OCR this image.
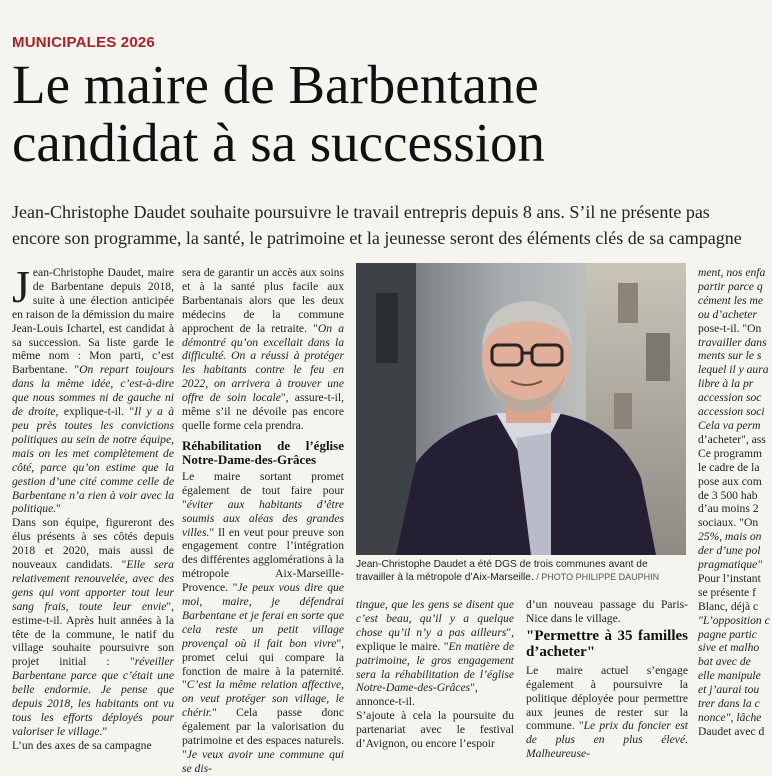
MUNICIPALES 2026
Le maire de Barbentane
candidat à sa succession
Jean-Christophe Daudet souhaite poursuivre le travail entrepris depuis 8 ans. S’il ne présente pas
encore son programme, la santé, le patrimoine et la jeunesse seront des éléments clés de sa campagne

Jean-Christophe Daudet, maire de Barbentane depuis 2018, suite à une élection anticipée en raison de la démission du maire Jean-Louis Ichartel, est candidat à sa succession. Sa liste garde le même nom : Mon parti, c’est Barbentane. "On repart toujours dans la même idée, c’est-à-dire que nous sommes ni de gauche ni de droite, explique-t-il. "Il y a à peu près toutes les convictions politiques au sein de notre équipe, mais on les met complètement de côté, parce qu’on estime que la gestion d’une cité comme celle de Barbentane n’a rien à voir avec la politique."

Dans son équipe, figureront des élus présents à ses côtés depuis 2018 et 2020, mais aussi de nouveaux candidats. "Elle sera relativement renouvelée, avec des gens qui vont apporter tout leur sang frais, toute leur envie", estime-t-il. Après huit années à la tête de la commune, le natif du village souhaite poursuivre son projet initial : "réveiller Barbentane parce que c’était une belle endormie. Je pense que depuis 2018, les habitants ont vu tous les efforts déployés pour valoriser le village."

L’un des axes de sa campagne

sera de garantir un accès aux soins et à la santé plus facile aux Barbentanais alors que les deux médecins de la commune approchent de la retraite. "On a démontré qu’on excellait dans la difficulté. On a réussi à protéger les habitants contre le feu en 2022, on arrivera à trouver une offre de soin locale", assure-t-il, même s’il ne dévoile pas encore quelle forme cela prendra.

Réhabilitation de l’église Notre-Dame-des-Grâces

Le maire sortant promet également de tout faire pour "éviter aux habitants d’être soumis aux aléas des grandes villes." Il en veut pour preuve son engagement contre l’intégration des différentes agglomérations à la métropole Aix-Marseille-Provence. "Je peux vous dire que moi, maire, je défendrai Barbentane et je ferai en sorte que cela reste un petit village provençal où il fait bon vivre", promet celui qui compare la fonction de maire à la paternité. "C’est la même relation affective, on veut protéger son village, le chérir." Cela passe donc également par la valorisation du patrimoine et des espaces naturels. "Je veux avoir une commune qui se dis-

Jean-Christophe Daudet a été DGS de trois communes avant de travailler à la métropole d’Aix-Marseille. / PHOTO PHILIPPE DAUPHIN

tingue, que les gens se disent que c’est beau, qu’il y a quelque chose qu’il n’y a pas ailleurs", explique le maire. "En matière de patrimoine, le gros engagement sera la réhabilitation de l’église Notre-Dame-des-Grâces", annonce-t-il.

S’ajoute à cela la poursuite du partenariat avec le festival d’Avignon, ou encore l’espoir

d’un nouveau passage du Paris-Nice dans le village.

"Permettre à 35 familles d’acheter"

Le maire actuel s’engage également à poursuivre la politique déployée pour permettre aux jeunes de rester sur la commune. "Le prix du foncier est de plus en plus élevé. Malheureuse-

ment, nos enfa
partir parce q
cément les me
ou d’acheter
pose-t-il. "On
travailler dans
ments sur le s
lequel il y aura
libre à la pr
accession soc
accession soci
Cela va perm
d’acheter", ass
Ce programm
le cadre de la
pose aux com
de 3 500 hab
d’au moins 2
sociaux. "On
25%, mais on
der d’une pol
pragmatique"
Pour l’instant
se présente f
Blanc, déjà c
"L’opposition c
pagne partic
sive et malho
bat avec de
elle manipule
et j’aurai tou
trer dans la c
nonce", lâche
Daudet avec d
